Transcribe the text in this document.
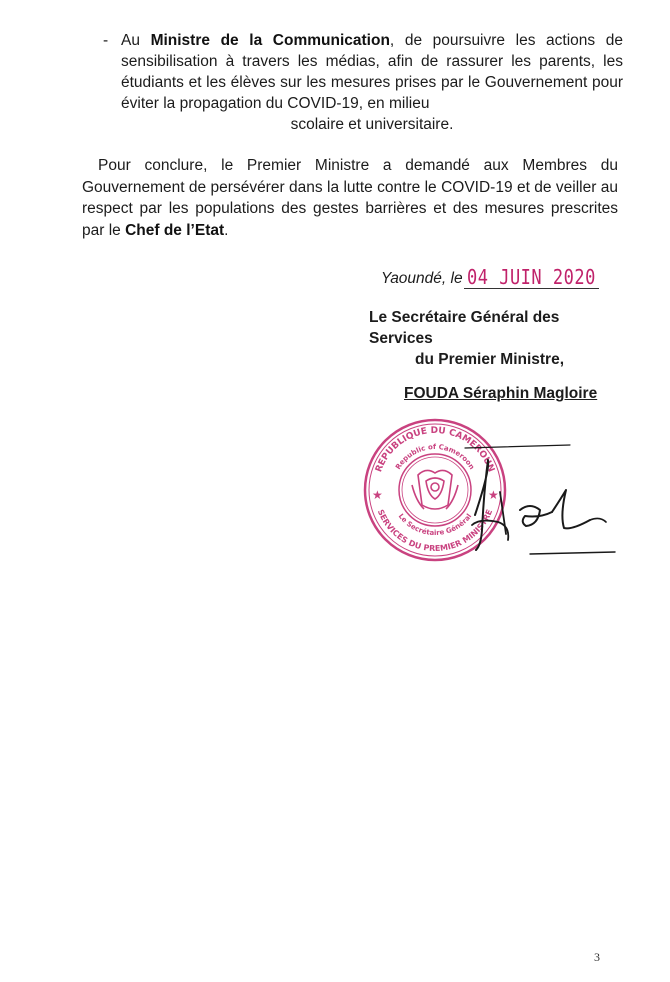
- Au Ministre de la Communication, de poursuivre les actions de sensibilisation à travers les médias, afin de rassurer les parents, les étudiants et les élèves sur les mesures prises par le Gouvernement pour éviter la propagation du COVID-19, en milieu
scolaire et universitaire.
Pour conclure, le Premier Ministre a demandé aux Membres du Gouvernement de persévérer dans la lutte contre le COVID-19 et de veiller au respect par les populations des gestes barrières et des mesures prescrites par le Chef de l’Etat.
Yaoundé, le 04 JUIN 2020
Le Secrétaire Général des Services
du Premier Ministre,
FOUDA Séraphin Magloire
REPUBLIQUE DU CAMEROUN
Republic of Cameroon
SERVICES DU PREMIER MINISTRE
Le Secrétaire Général
★	★
3
